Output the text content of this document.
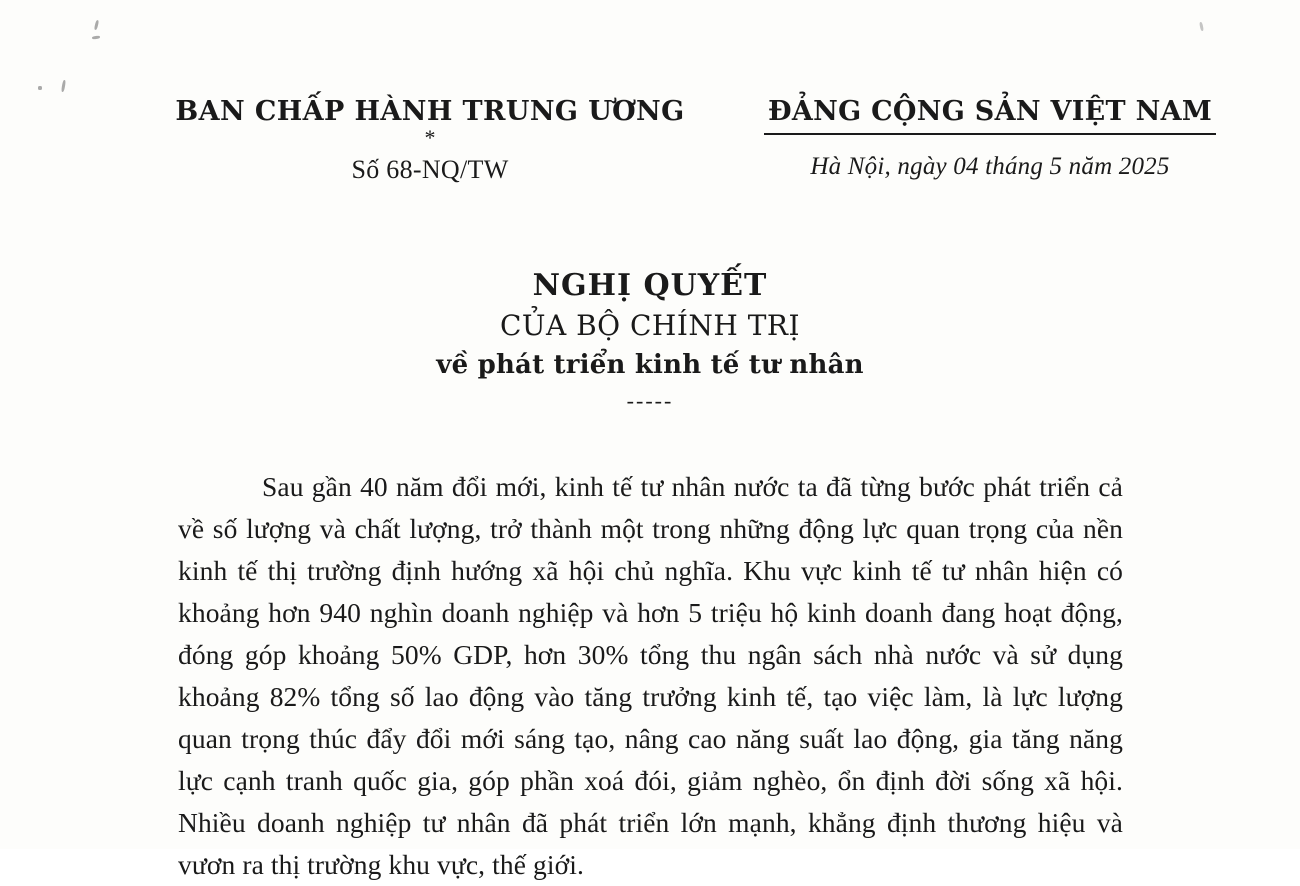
BAN CHẤP HÀNH TRUNG ƯƠNG
*
Số 68-NQ/TW
ĐẢNG CỘNG SẢN VIỆT NAM
Hà Nội, ngày 04 tháng 5 năm 2025
NGHỊ QUYẾT
CỦA BỘ CHÍNH TRỊ
về phát triển kinh tế tư nhân
-----

Sau gần 40 năm đổi mới, kinh tế tư nhân nước ta đã từng bước phát triển cả về số lượng và chất lượng, trở thành một trong những động lực quan trọng của nền kinh tế thị trường định hướng xã hội chủ nghĩa. Khu vực kinh tế tư nhân hiện có khoảng hơn 940 nghìn doanh nghiệp và hơn 5 triệu hộ kinh doanh đang hoạt động, đóng góp khoảng 50% GDP, hơn 30% tổng thu ngân sách nhà nước và sử dụng khoảng 82% tổng số lao động vào tăng trưởng kinh tế, tạo việc làm, là lực lượng quan trọng thúc đẩy đổi mới sáng tạo, nâng cao năng suất lao động, gia tăng năng lực cạnh tranh quốc gia, góp phần xoá đói, giảm nghèo, ổn định đời sống xã hội. Nhiều doanh nghiệp tư nhân đã phát triển lớn mạnh, khẳng định thương hiệu và vươn ra thị trường khu vực, thế giới.
